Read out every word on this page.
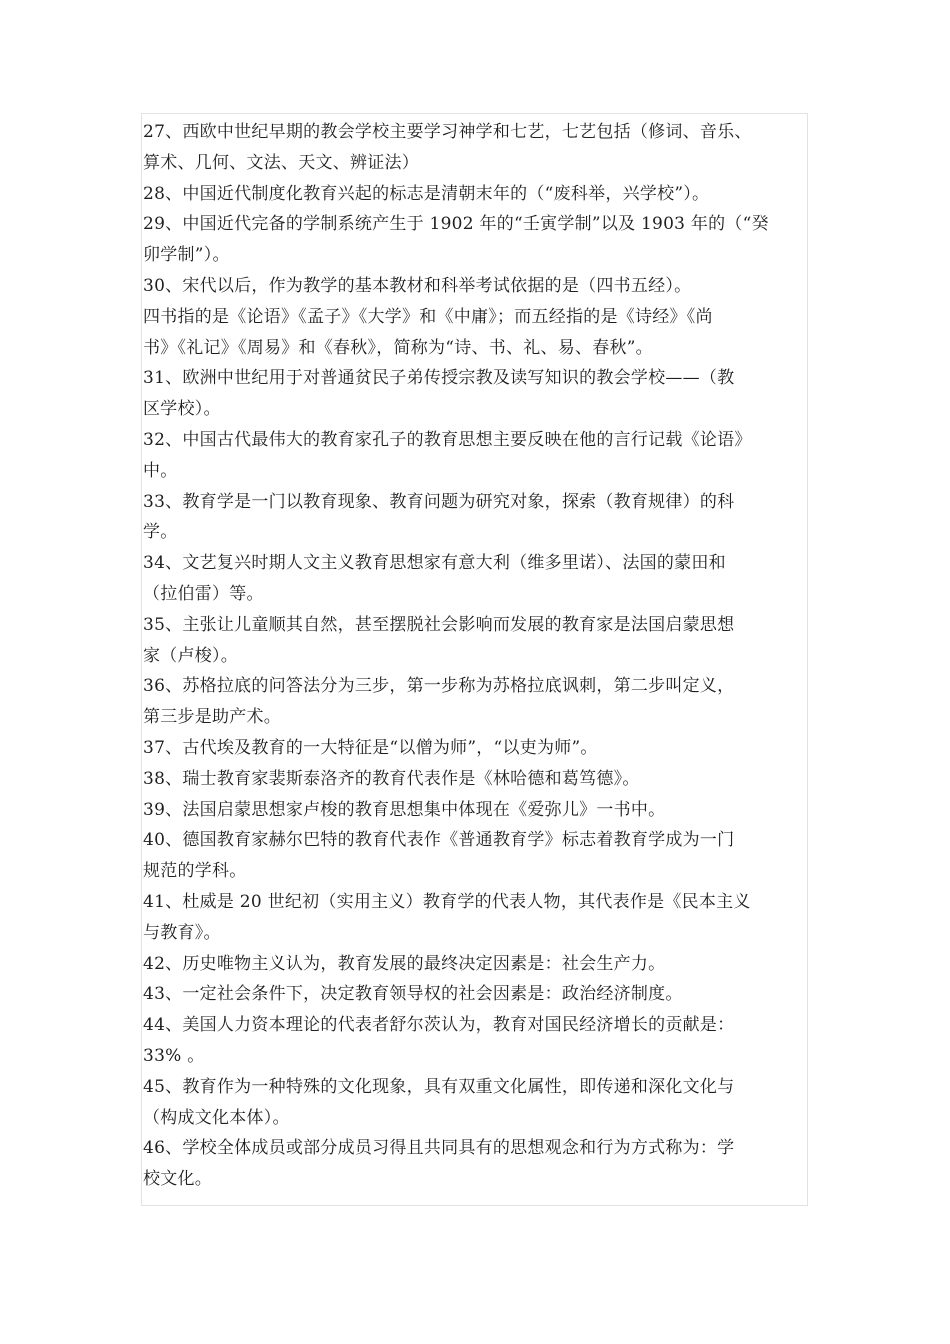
27、西欧中世纪早期的教会学校主要学习神学和七艺，七艺包括（修词、音乐、
算术、几何、文法、天文、辨证法）
28、中国近代制度化教育兴起的标志是清朝末年的（“废科举，兴学校”）。
29、中国近代完备的学制系统产生于 1902 年的“壬寅学制”以及 1903 年的（“癸
卯学制”）。
30、宋代以后，作为教学的基本教材和科举考试依据的是（四书五经）。
四书指的是《论语》《孟子》《大学》和《中庸》；而五经指的是《诗经》《尚
书》《礼记》《周易》和《春秋》，简称为“诗、书、礼、易、春秋”。
31、欧洲中世纪用于对普通贫民子弟传授宗教及读写知识的教会学校——（教
区学校）。
32、中国古代最伟大的教育家孔子的教育思想主要反映在他的言行记载《论语》
中。
33、教育学是一门以教育现象、教育问题为研究对象，探索（教育规律）的科
学。
34、文艺复兴时期人文主义教育思想家有意大利（维多里诺）、法国的蒙田和
（拉伯雷）等。
35、主张让儿童顺其自然，甚至摆脱社会影响而发展的教育家是法国启蒙思想
家（卢梭）。
36、苏格拉底的问答法分为三步，第一步称为苏格拉底讽刺，第二步叫定义，
第三步是助产术。
37、古代埃及教育的一大特征是“以僧为师”，“以吏为师”。
38、瑞士教育家裴斯泰洛齐的教育代表作是《林哈德和葛笃德》。
39、法国启蒙思想家卢梭的教育思想集中体现在《爱弥儿》一书中。
40、德国教育家赫尔巴特的教育代表作《普通教育学》标志着教育学成为一门
规范的学科。
41、杜威是 20 世纪初（实用主义）教育学的代表人物，其代表作是《民本主义
与教育》。
42、历史唯物主义认为，教育发展的最终决定因素是：社会生产力。
43、一定社会条件下，决定教育领导权的社会因素是：政治经济制度。
44、美国人力资本理论的代表者舒尔茨认为，教育对国民经济增长的贡献是：
33% 。
45、教育作为一种特殊的文化现象，具有双重文化属性，即传递和深化文化与
（构成文化本体）。
46、学校全体成员或部分成员习得且共同具有的思想观念和行为方式称为：学
校文化。
